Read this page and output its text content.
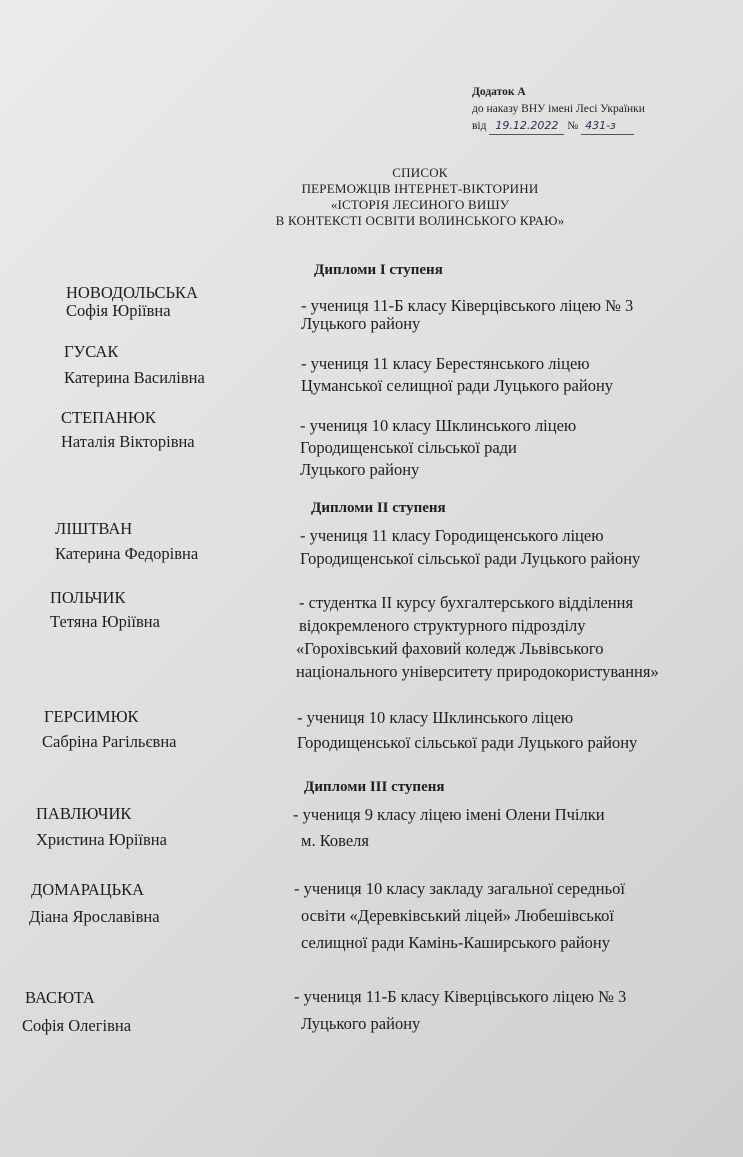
Додаток А
до наказу ВНУ імені Лесі Українки
від 19.12.2022 № 431-з
СПИСОК
ПЕРЕМОЖЦІВ ІНТЕРНЕТ-ВІКТОРИНИ
«ІСТОРІЯ ЛЕСИНОГО ВИШУ
В КОНТЕКСТІ ОСВІТИ ВОЛИНСЬКОГО КРАЮ»
Дипломи І ступеня
НОВОДОЛЬСЬКА
Софія Юріївна	- учениця 11-Б класу Ківерцівського ліцею № 3
Луцького району
ГУСАК
Катерина Василівна
- учениця 11 класу Берестянського ліцею
Цуманської селищної ради Луцького району
СТЕПАНЮК
Наталія Вікторівна
- учениця 10 класу Шклинського ліцею
Городищенської сільської ради
Луцького району
Дипломи ІІ ступеня
ЛІШТВАН
Катерина Федорівна
- учениця 11 класу Городищенського ліцею
Городищенської сільської ради Луцького району
ПОЛЬЧИК
Тетяна Юріївна
- студентка ІІ курсу бухгалтерського відділення
відокремленого структурного підрозділу
«Горохівський фаховий коледж Львівського
національного університету природокористування»
ГЕРСИМЮК
Сабріна Рагільєвна
- учениця 10 класу Шклинського ліцею
Городищенської сільської ради Луцького району
Дипломи ІІІ ступеня
ПАВЛЮЧИК
Христина Юріївна
- учениця 9 класу ліцею імені Олени Пчілки
м. Ковеля
ДОМАРАЦЬКА
Діана Ярославівна
- учениця 10 класу закладу загальної середньої
освіти «Деревківський ліцей» Любешівської
селищної ради Камінь-Каширського району
ВАСЮТА
Софія Олегівна
- учениця 11-Б класу Ківерцівського ліцею № 3
Луцького району
